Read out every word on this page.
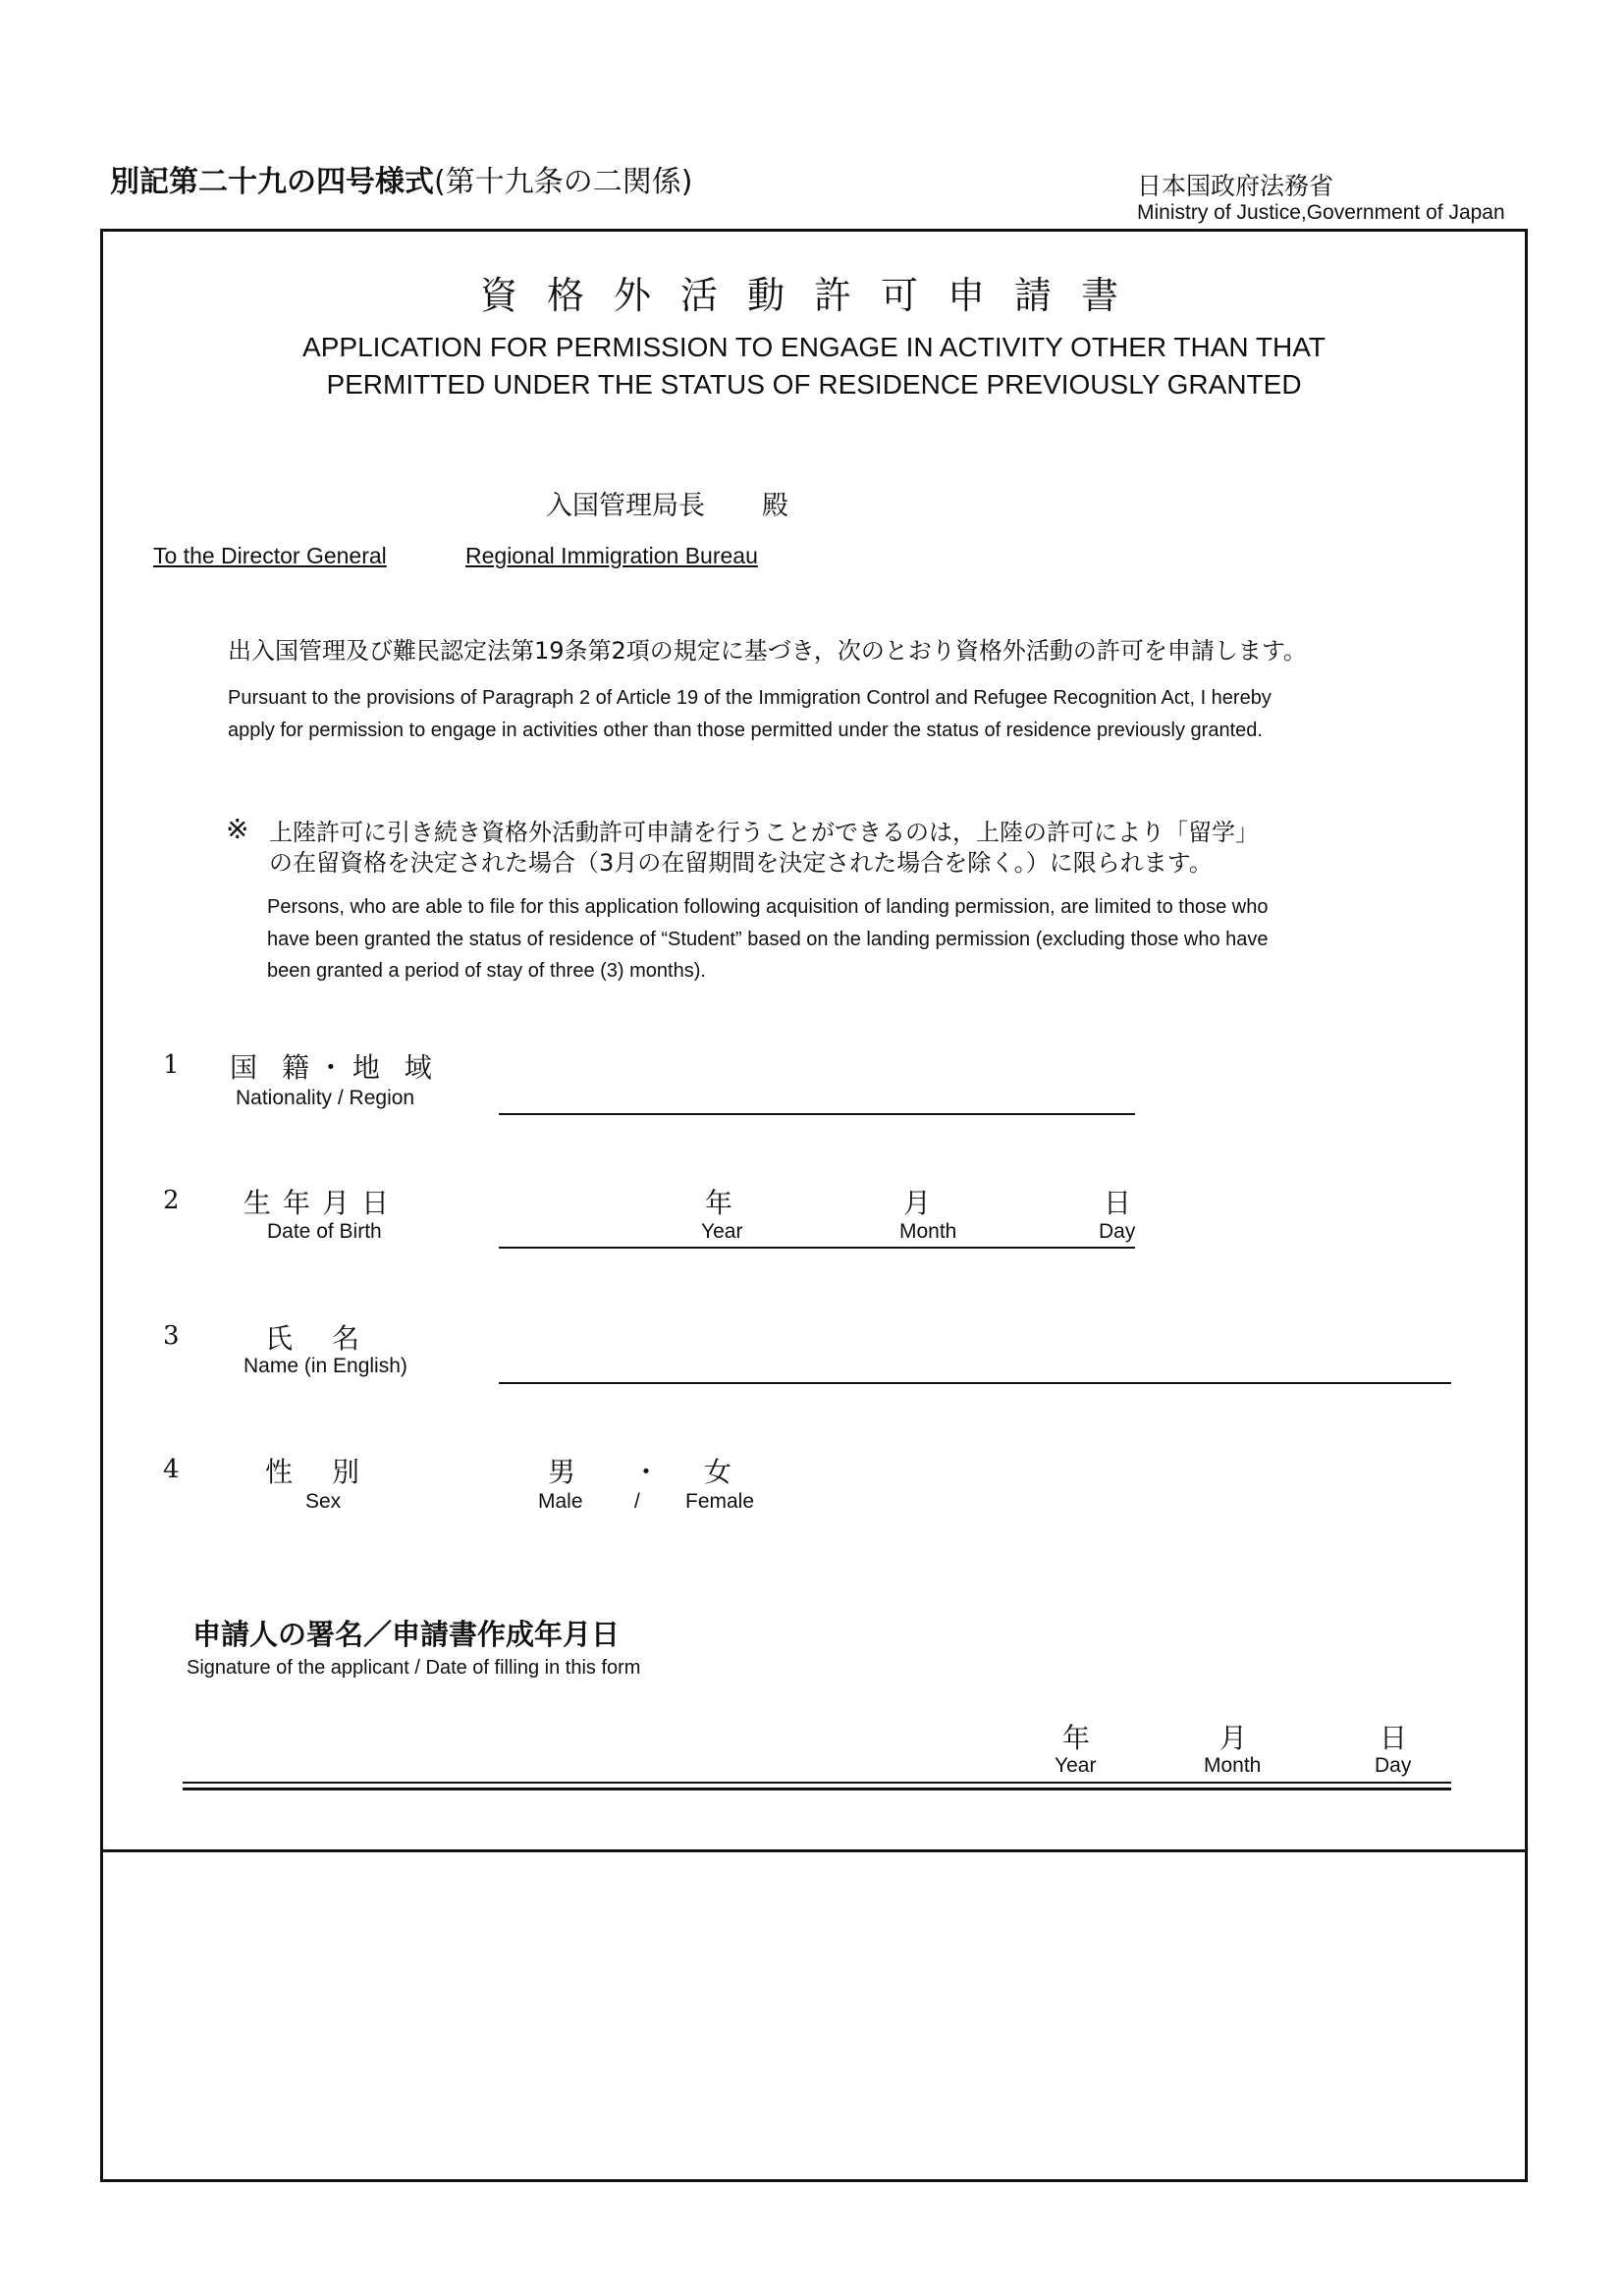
別記第二十九の四号様式(第十九条の二関係)	日本国政府法務省
Ministry of Justice,Government of Japan
資格外活動許可申請書
APPLICATION FOR PERMISSION TO ENGAGE IN ACTIVITY OTHER THAN THAT
PERMITTED UNDER THE STATUS OF RESIDENCE PREVIOUSLY GRANTED
入国管理局長 殿
To the Director General	Regional Immigration Bureau
出入国管理及び難民認定法第19条第2項の規定に基づき，次のとおり資格外活動の許可を申請します。
Pursuant to the provisions of Paragraph 2 of Article 19 of the Immigration Control and Refugee Recognition Act, I hereby
apply for permission to engage in activities other than those permitted under the status of residence previously granted.
※ 上陸許可に引き続き資格外活動許可申請を行うことができるのは，上陸の許可により「留学」
の在留資格を決定された場合（3月の在留期間を決定された場合を除く。）に限られます。
Persons, who are able to file for this application following acquisition of landing permission, are limited to those who
have been granted the status of residence of “Student” based on the landing permission (excluding those who have
been granted a period of stay of three (3) months).
1 国 籍・地 域
Nationality / Region
2 生年月日
Date of Birth
年	月	日
Year	Month	Day
3	氏名
Name (in English)
4	性別
Sex
男 ・ 女
Male / Female
申請人の署名／申請書作成年月日
Signature of the applicant / Date of filling in this form
年	月	日
Year	Month	Day
